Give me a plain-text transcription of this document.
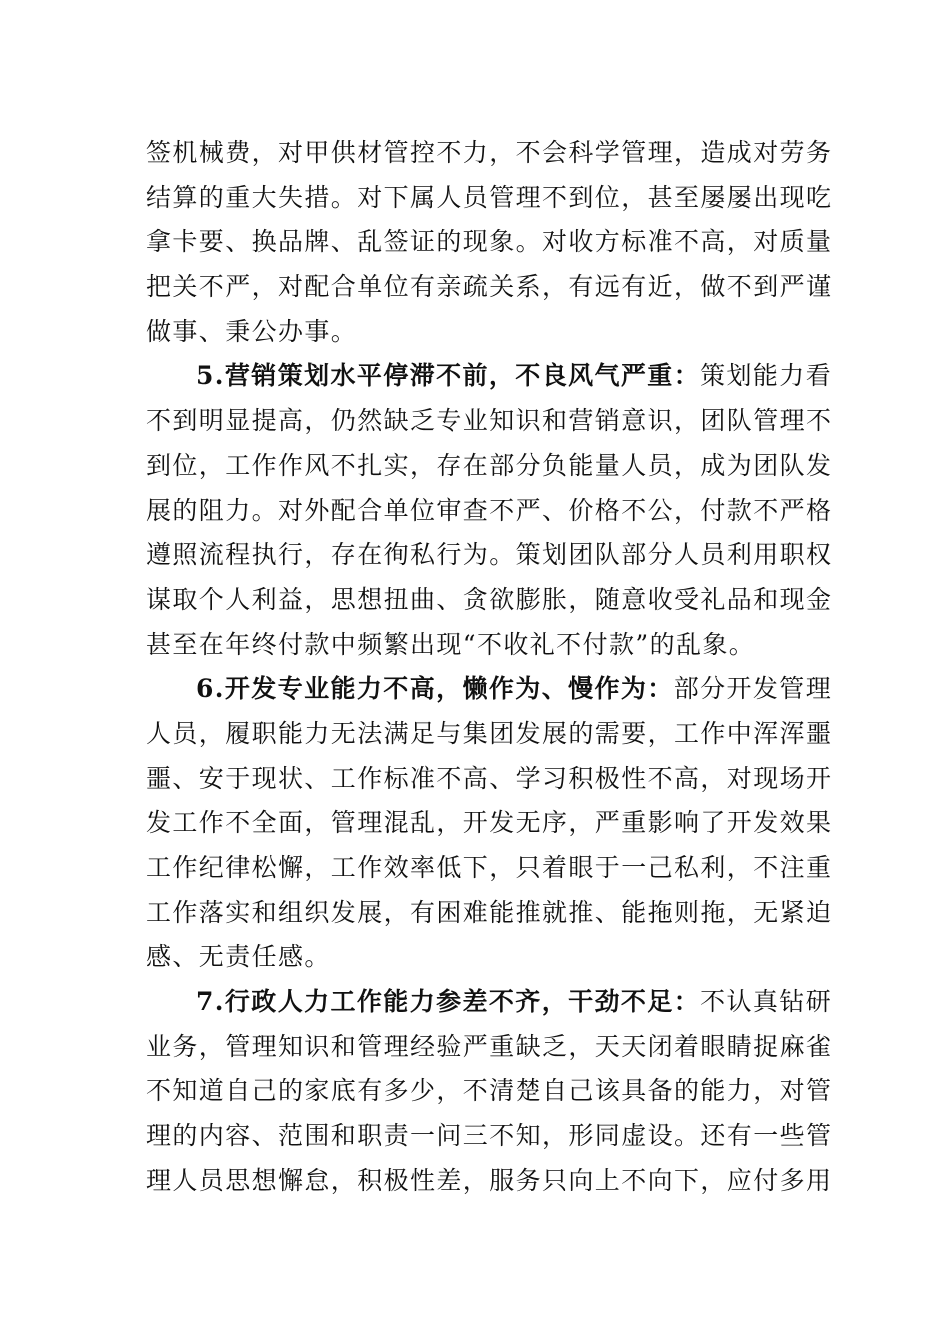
签机械费，对甲供材管控不力，不会科学管理，造成对劳务
结算的重大失措。对下属人员管理不到位，甚至屡屡出现吃
拿卡要、换品牌、乱签证的现象。对收方标准不高，对质量
把关不严，对配合单位有亲疏关系，有远有近，做不到严谨
做事、秉公办事。
5.营销策划水平停滞不前，不良风气严重：策划能力看
不到明显提高，仍然缺乏专业知识和营销意识，团队管理不
到位，工作作风不扎实，存在部分负能量人员，成为团队发
展的阻力。对外配合单位审查不严、价格不公，付款不严格
遵照流程执行，存在徇私行为。策划团队部分人员利用职权
谋取个人利益，思想扭曲、贪欲膨胀，随意收受礼品和现金
甚至在年终付款中频繁出现“不收礼不付款”的乱象。
6.开发专业能力不高，懒作为、慢作为：部分开发管理
人员，履职能力无法满足与集团发展的需要，工作中浑浑噩
噩、安于现状、工作标准不高、学习积极性不高，对现场开
发工作不全面，管理混乱，开发无序，严重影响了开发效果
工作纪律松懈，工作效率低下，只着眼于一己私利，不注重
工作落实和组织发展，有困难能推就推、能拖则拖，无紧迫
感、无责任感。
7.行政人力工作能力参差不齐，干劲不足：不认真钻研
业务，管理知识和管理经验严重缺乏，天天闭着眼睛捉麻雀
不知道自己的家底有多少，不清楚自己该具备的能力，对管
理的内容、范围和职责一问三不知，形同虚设。还有一些管
理人员思想懈怠，积极性差，服务只向上不向下，应付多用
